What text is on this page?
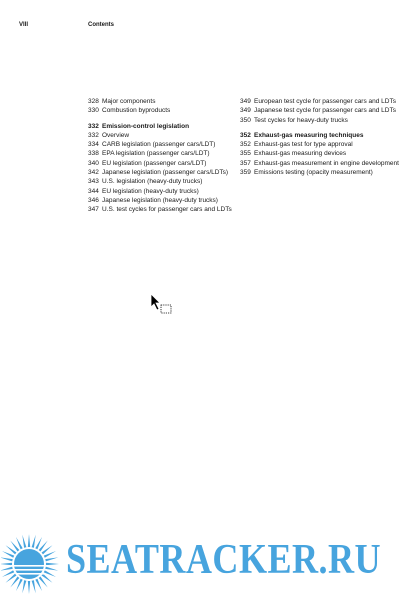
VIII	Contents
328 Major components
330 Combustion byproducts
332 Emission-control legislation
332 Overview
334 CARB legislation (passenger cars/LDT)
338 EPA legislation (passenger cars/LDT)
340 EU legislation (passenger cars/LDT)
342 Japanese legislation (passenger cars/LDTs)
343 U.S. legislation (heavy-duty trucks)
344 EU legislation (heavy-duty trucks)
346 Japanese legislation (heavy-duty trucks)
347 U.S. test cycles for passenger cars and LDTs
349 European test cycle for passenger cars and LDTs
349 Japanese test cycle for passenger cars and LDTs
350 Test cycles for heavy-duty trucks
352 Exhaust-gas measuring techniques
352 Exhaust-gas test for type approval
355 Exhaust-gas measuring devices
357 Exhaust-gas measurement in engine development
359 Emissions testing (opacity measurement)
SEATRACKER.RU
